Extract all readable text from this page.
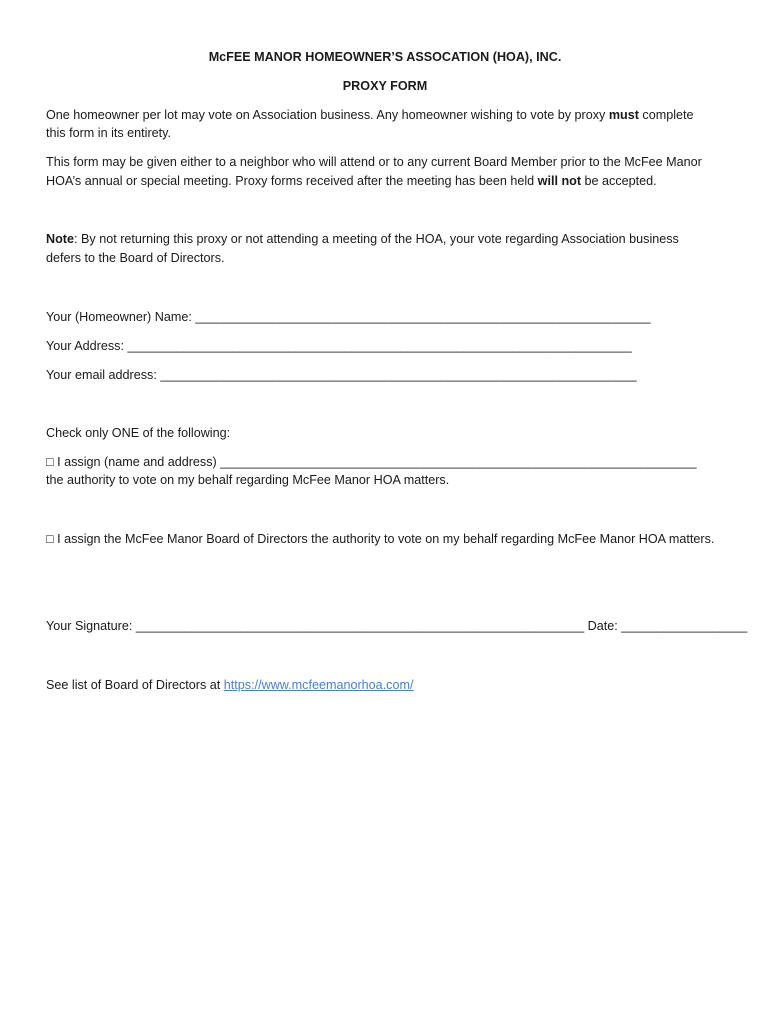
McFEE MANOR HOMEOWNER’S ASSOCATION (HOA), INC.
PROXY FORM
One homeowner per lot may vote on Association business. Any homeowner wishing to vote by proxy must complete
this form in its entirety.
This form may be given either to a neighbor who will attend or to any current Board Member prior to the McFee Manor
HOA’s annual or special meeting. Proxy forms received after the meeting has been held will not be accepted.
Note: By not returning this proxy or not attending a meeting of the HOA, your vote regarding Association business
defers to the Board of Directors.
Your (Homeowner) Name: _________________________________________________________________
Your Address: ________________________________________________________________________
Your email address: ____________________________________________________________________
Check only ONE of the following:
□ I assign (name and address) ____________________________________________________________________
the authority to vote on my behalf regarding McFee Manor HOA matters.
□ I assign the McFee Manor Board of Directors the authority to vote on my behalf regarding McFee Manor HOA matters.
Your Signature: ________________________________________________________________ Date: __________________
See list of Board of Directors at https://www.mcfeemanorhoa.com/
